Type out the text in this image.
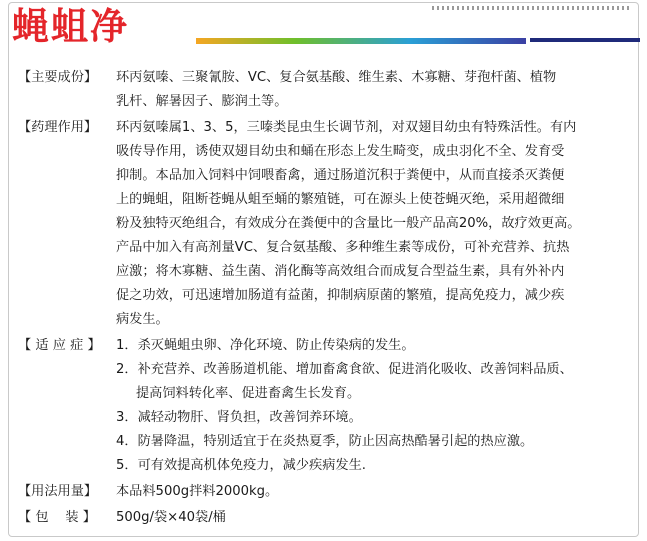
蝇蛆净
【主要成份】	环丙氨嗪、三聚氰胺、VC、复合氨基酸、维生素、木寡糖、芽孢杆菌、植物
乳杆、解暑因子、膨润土等。
【药理作用】	环丙氨嗪属1、3、5，三嗪类昆虫生长调节剂，对双翅目幼虫有特殊活性。有内
吸传导作用，诱使双翅目幼虫和蛹在形态上发生畸变，成虫羽化不全、发育受
抑制。本品加入饲料中饲喂畜禽，通过肠道沉积于粪便中，从而直接杀灭粪便
上的蝇蛆，阻断苍蝇从蛆至蛹的繁殖链，可在源头上使苍蝇灭绝，采用超微细
粉及独特灭绝组合，有效成分在粪便中的含量比一般产品高20%，故疗效更高。
产品中加入有高剂量VC、复合氨基酸、多种维生素等成份，可补充营养、抗热
应激；将木寡糖、益生菌、消化酶等高效组合而成复合型益生素，具有外补内
促之功效，可迅速增加肠道有益菌，抑制病原菌的繁殖，提高免疫力，减少疾
病发生。
【 适 应 症 】	1．杀灭蝇蛆虫卵、净化环境、防止传染病的发生。
2．补充营养、改善肠道机能、增加畜禽食欲、促进消化吸收、改善饲料品质、
提高饲料转化率、促进畜禽生长发育。
3．减轻动物肝、肾负担，改善饲养环境。
4．防暑降温，特别适宜于在炎热夏季，防止因高热酷暑引起的热应激。
5．可有效提高机体免疫力，减少疾病发生.
【用法用量】	本品料500g拌料2000kg。
【 包    装 】	500g/袋×40袋/桶
